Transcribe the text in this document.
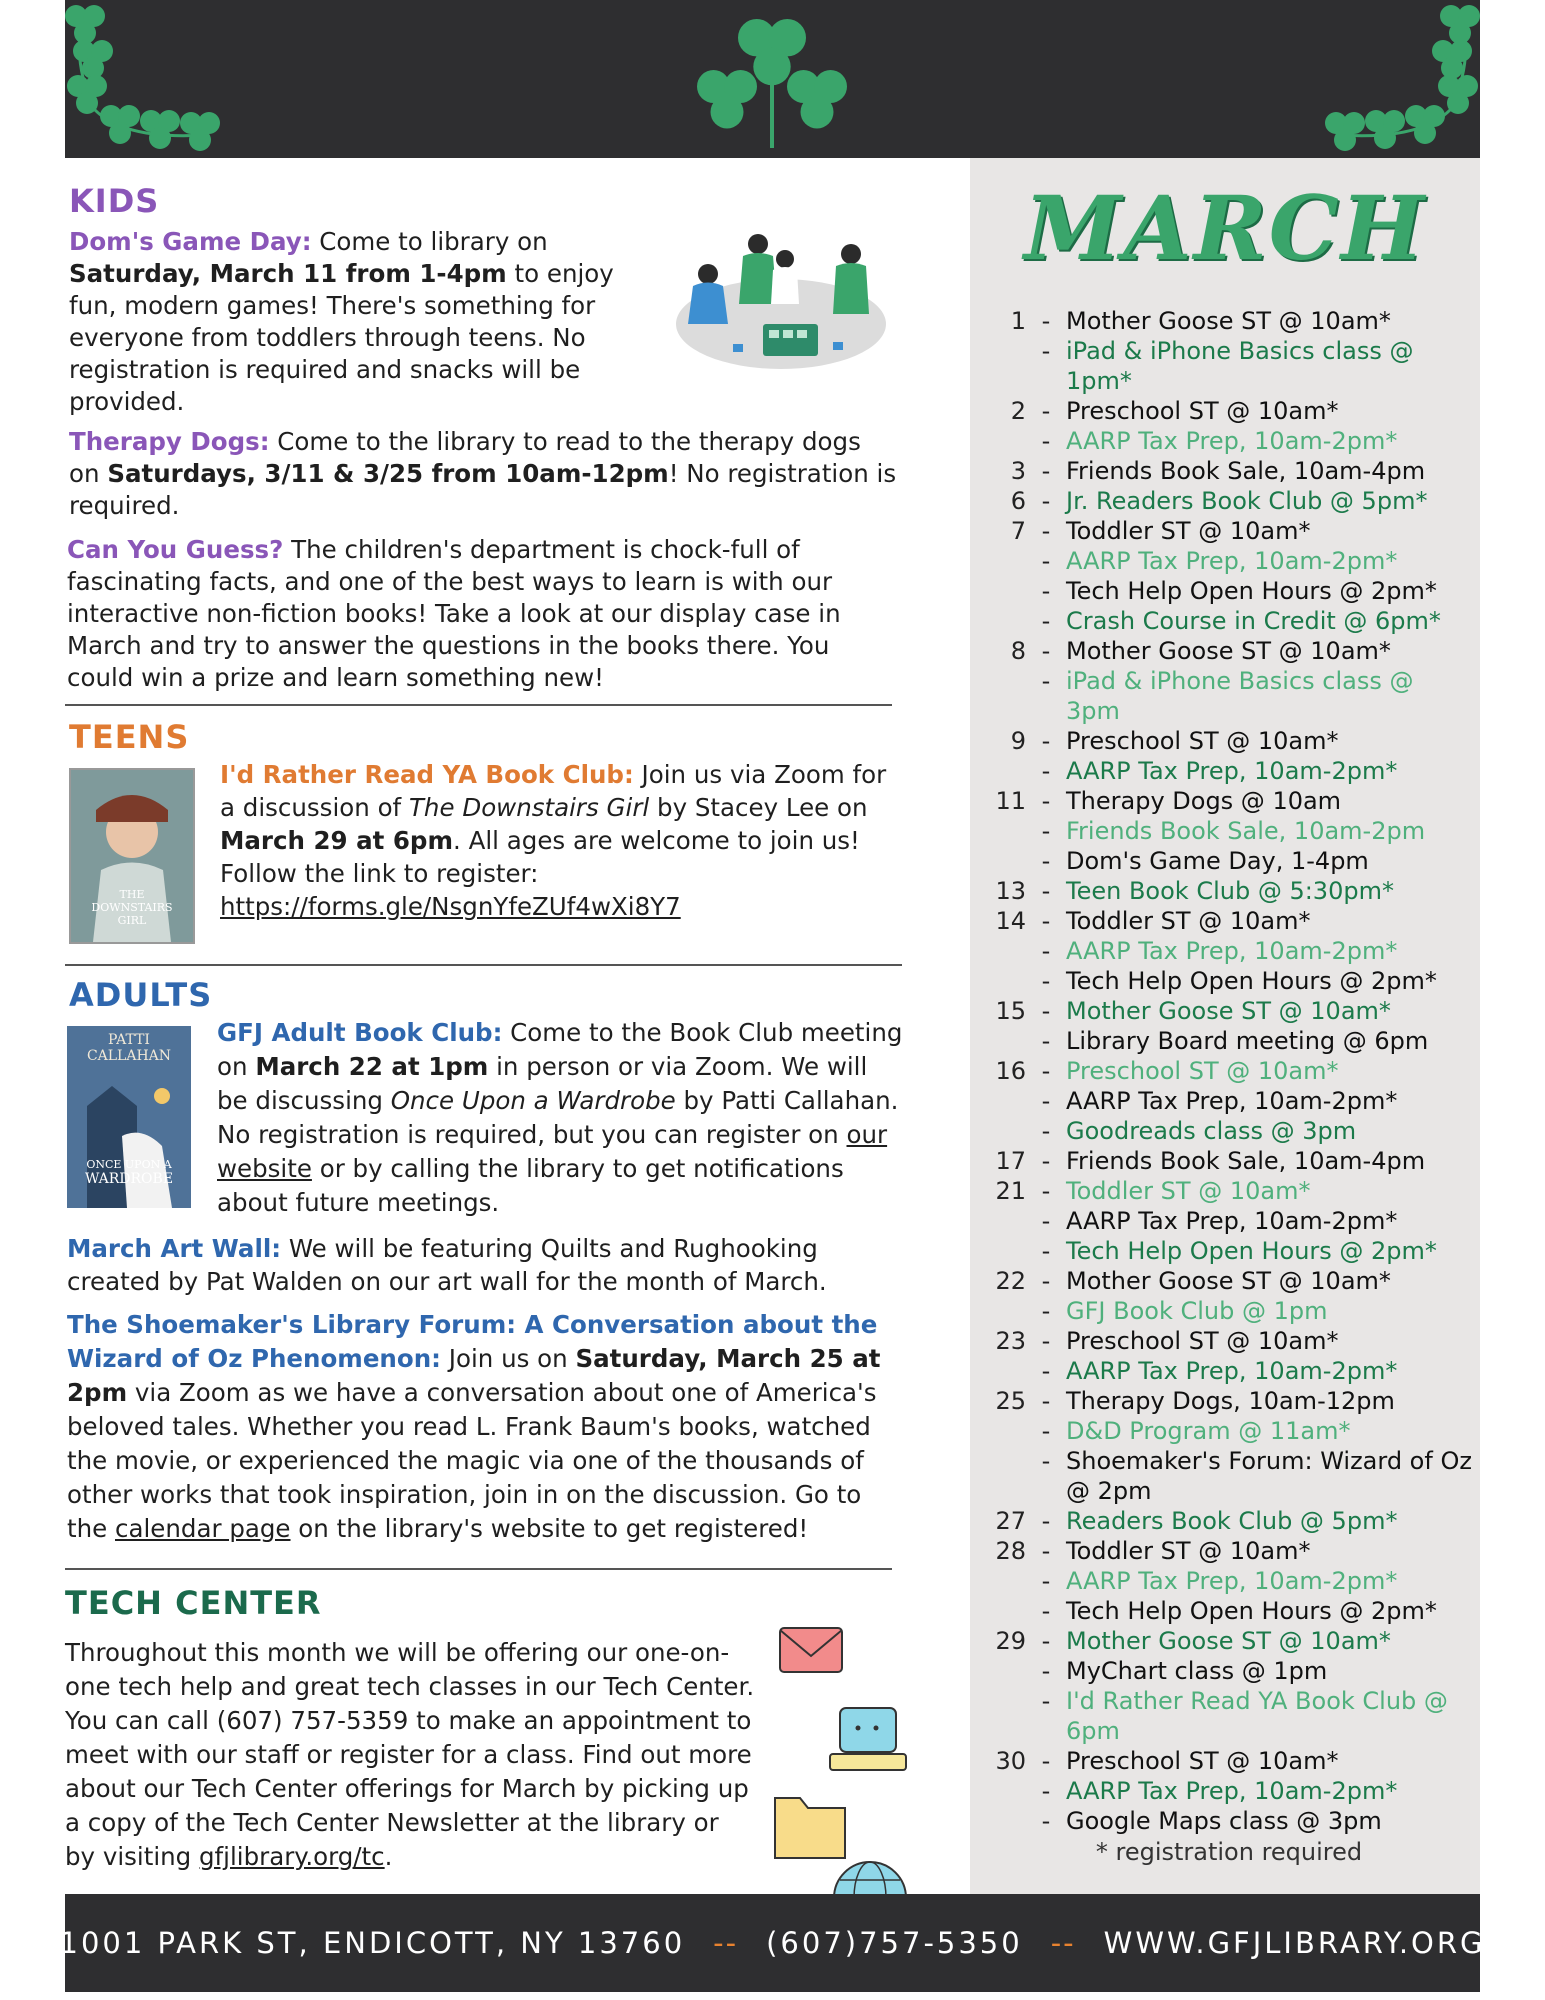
KIDS
Dom's Game Day: Come to library on Saturday, March 11 from 1-4pm to enjoy fun, modern games! There's something for everyone from toddlers through teens. No registration is required and snacks will be provided.
Therapy Dogs: Come to the library to read to the therapy dogs on Saturdays, 3/11 & 3/25 from 10am-12pm! No registration is required.
Can You Guess? The children's department is chock-full of fascinating facts, and one of the best ways to learn is with our interactive non-fiction books! Take a look at our display case in March and try to answer the questions in the books there. You could win a prize and learn something new!
TEENS
THE
DOWNSTAIRS
GIRL
I'd Rather Read YA Book Club: Join us via Zoom for a discussion of The Downstairs Girl by Stacey Lee on March 29 at 6pm. All ages are welcome to join us! Follow the link to register:
https://forms.gle/NsgnYfeZUf4wXi8Y7
ADULTS
PATTI
CALLAHAN
ONCE UPON A
WARDROBE
GFJ Adult Book Club: Come to the Book Club meeting on March 22 at 1pm in person or via Zoom. We will be discussing Once Upon a Wardrobe by Patti Callahan. No registration is required, but you can register on our website or by calling the library to get notifications about future meetings.
March Art Wall: We will be featuring Quilts and Rughooking created by Pat Walden on our art wall for the month of March.
The Shoemaker's Library Forum: A Conversation about the Wizard of Oz Phenomenon: Join us on Saturday, March 25 at 2pm via Zoom as we have a conversation about one of America's beloved tales. Whether you read L. Frank Baum's books, watched the movie, or experienced the magic via one of the thousands of other works that took inspiration, join in on the discussion. Go to the calendar page on the library's website to get registered!
TECH CENTER
Throughout this month we will be offering our one-on-one tech help and great tech classes in our Tech Center. You can call (607) 757-5359 to make an appointment to meet with our staff or register for a class. Find out more about our Tech Center offerings for March by picking up a copy of the Tech Center Newsletter at the library or by visiting gfjlibrary.org/tc.
MARCH
1 - Mother Goose ST @ 10am*
- iPad & iPhone Basics class @ 1pm*
2 - Preschool ST @ 10am*
- AARP Tax Prep, 10am-2pm*
3 - Friends Book Sale, 10am-4pm
6 - Jr. Readers Book Club @ 5pm*
7 - Toddler ST @ 10am*
- AARP Tax Prep, 10am-2pm*
- Tech Help Open Hours @ 2pm*
- Crash Course in Credit @ 6pm*
8 - Mother Goose ST @ 10am*
- iPad & iPhone Basics class @ 3pm
9 - Preschool ST @ 10am*
- AARP Tax Prep, 10am-2pm*
11 - Therapy Dogs @ 10am
- Friends Book Sale, 10am-2pm
- Dom's Game Day, 1-4pm
13 - Teen Book Club @ 5:30pm*
14 - Toddler ST @ 10am*
- AARP Tax Prep, 10am-2pm*
- Tech Help Open Hours @ 2pm*
15 - Mother Goose ST @ 10am*
- Library Board meeting @ 6pm
16 - Preschool ST @ 10am*
- AARP Tax Prep, 10am-2pm*
- Goodreads class @ 3pm
17 - Friends Book Sale, 10am-4pm
21 - Toddler ST @ 10am*
- AARP Tax Prep, 10am-2pm*
- Tech Help Open Hours @ 2pm*
22 - Mother Goose ST @ 10am*
- GFJ Book Club @ 1pm
23 - Preschool ST @ 10am*
- AARP Tax Prep, 10am-2pm*
25 - Therapy Dogs, 10am-12pm
- D&D Program @ 11am*
- Shoemaker's Forum: Wizard of Oz @ 2pm
27 - Readers Book Club @ 5pm*
28 - Toddler ST @ 10am*
- AARP Tax Prep, 10am-2pm*
- Tech Help Open Hours @ 2pm*
29 - Mother Goose ST @ 10am*
- MyChart class @ 1pm
- I'd Rather Read YA Book Club @ 6pm
30 - Preschool ST @ 10am*
- AARP Tax Prep, 10am-2pm*
- Google Maps class @ 3pm
* registration required
1001 PARK ST, ENDICOTT, NY 13760 -- (607)757-5350 -- WWW.GFJLIBRARY.ORG
